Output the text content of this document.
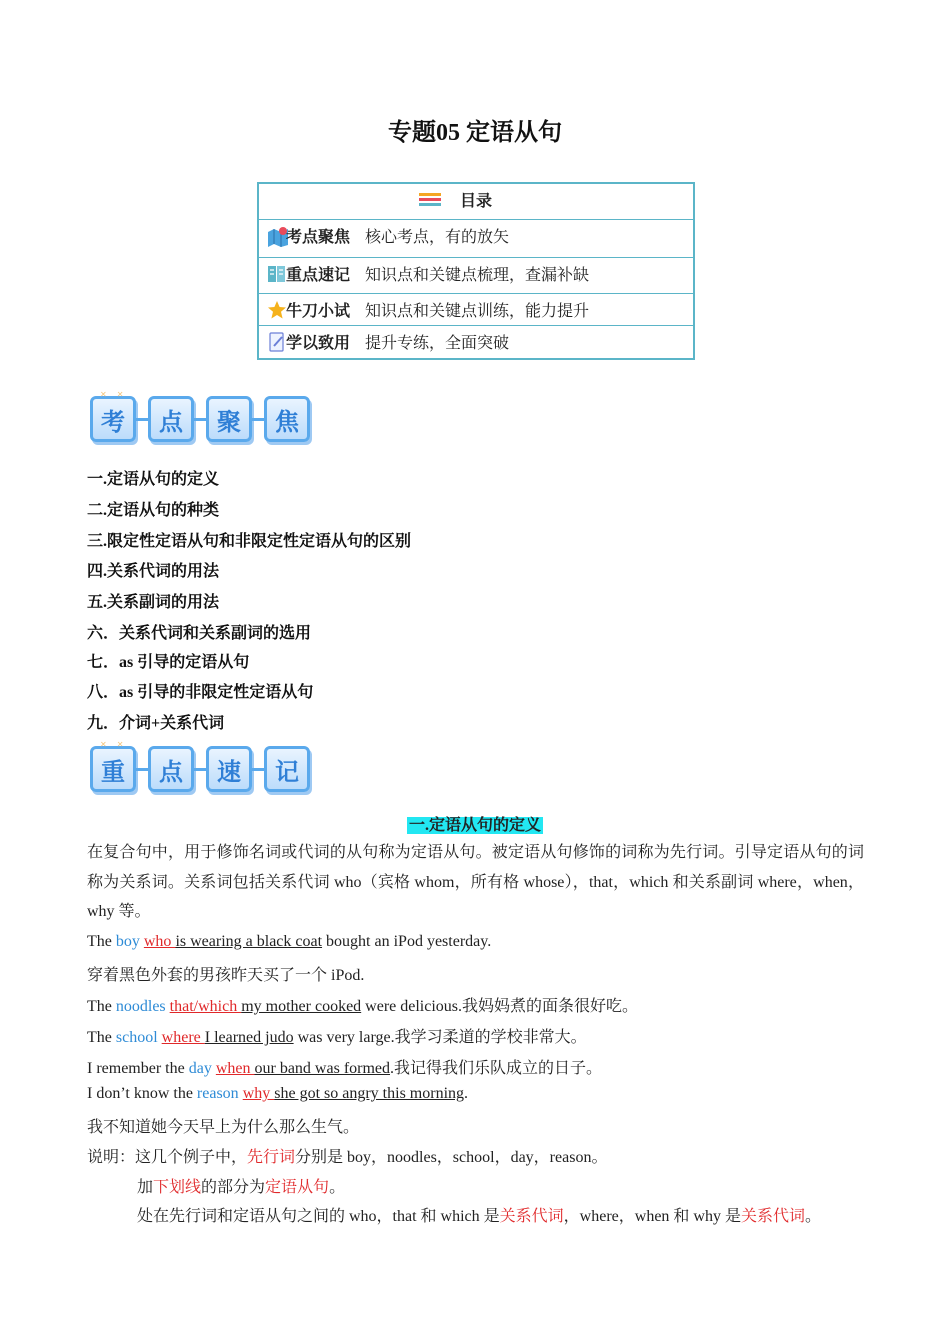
专题05 定语从句
目录
考点聚焦 核心考点，有的放矢
重点速记 知识点和关键点梳理，查漏补缺
牛刀小试 知识点和关键点训练，能力提升
学以致用 提升专练，全面突破
考	点	聚	焦
✕     ✕
一.定语从句的定义
二.定语从句的种类
三.限定性定语从句和非限定性定语从句的区别
四.关系代词的用法
五.关系副词的用法
六．关系代词和关系副词的选用
七．as 引导的定语从句
八．as 引导的非限定性定语从句
九．介词+关系代词
重	点	速	记
✕     ✕
一.定语从句的定义
在复合句中，用于修饰名词或代词的从句称为定语从句。被定语从句修饰的词称为先行词。引导定语从句的词称为关系词。关系词包括关系代词 who（宾格 whom，所有格 whose），that，which 和关系副词 where，when，why 等。
The boy who is wearing a black coat bought an iPod yesterday.
穿着黑色外套的男孩昨天买了一个 iPod.
The noodles that/which my mother cooked were delicious.我妈妈煮的面条很好吃。
The school where I learned judo was very large.我学习柔道的学校非常大。
I remember the day when our band was formed.我记得我们乐队成立的日子。
I don’t know the reason why she got so angry this morning.
我不知道她今天早上为什么那么生气。
说明：这几个例子中，先行词分别是 boy，noodles，school，day，reason。
加下划线的部分为定语从句。
处在先行词和定语从句之间的 who，that 和 which 是关系代词，where，when 和 why 是关系代词。
